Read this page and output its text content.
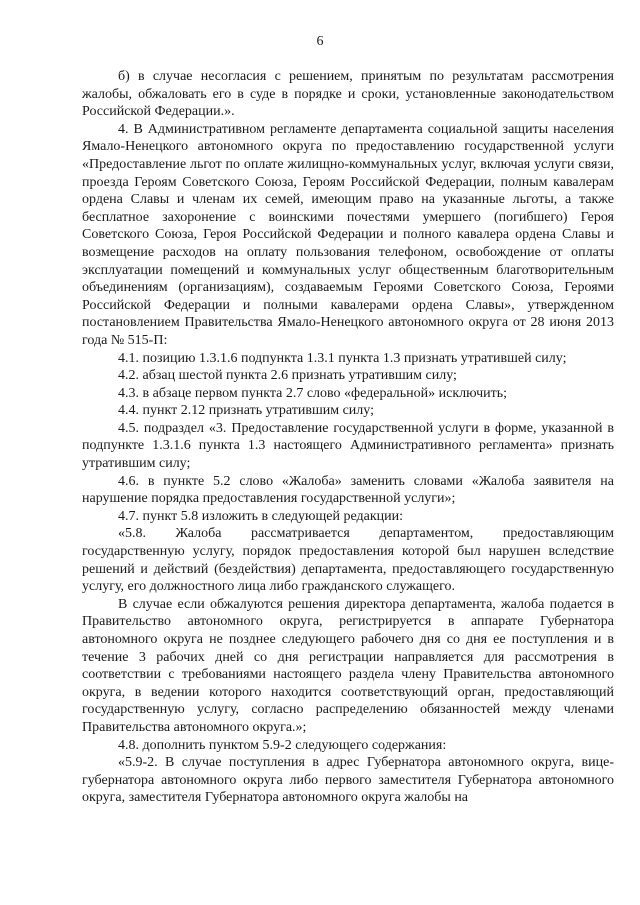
6

б) в случае несогласия с решением, принятым по результатам рассмотрения жалобы, обжаловать его в суде в порядке и сроки, установленные законодательством Российской Федерации.».

4. В Административном регламенте департамента социальной защиты населения Ямало-Ненецкого автономного округа по предоставлению государственной услуги «Предоставление льгот по оплате жилищно-коммунальных услуг, включая услуги связи, проезда Героям Советского Союза, Героям Российской Федерации, полным кавалерам ордена Славы и членам их семей, имеющим право на указанные льготы, а также бесплатное захоронение с воинскими почестями умершего (погибшего) Героя Советского Союза, Героя Российской Федерации и полного кавалера ордена Славы и возмещение расходов на оплату пользования телефоном, освобождение от оплаты эксплуатации помещений и коммунальных услуг общественным благотворительным объединениям (организациям), создаваемым Героями Советского Союза, Героями Российской Федерации и полными кавалерами ордена Славы», утвержденном постановлением Правительства Ямало-Ненецкого автономного округа от 28 июня 2013 года № 515-П:

4.1. позицию 1.3.1.6 подпункта 1.3.1 пункта 1.3 признать утратившей силу;

4.2. абзац шестой пункта 2.6 признать утратившим силу;

4.3. в абзаце первом пункта 2.7 слово «федеральной» исключить;

4.4. пункт 2.12 признать утратившим силу;

4.5. подраздел «3. Предоставление государственной услуги в форме, указанной в подпункте 1.3.1.6 пункта 1.3 настоящего Административного регламента» признать утратившим силу;

4.6. в пункте 5.2 слово «Жалоба» заменить словами «Жалоба заявителя на нарушение порядка предоставления государственной услуги»;

4.7. пункт 5.8 изложить в следующей редакции:

«5.8. Жалоба рассматривается департаментом, предоставляющим государственную услугу, порядок предоставления которой был нарушен вследствие решений и действий (бездействия) департамента, предоставляющего государственную услугу, его должностного лица либо гражданского служащего.

В случае если обжалуются решения директора департамента, жалоба подается в Правительство автономного округа, регистрируется в аппарате Губернатора автономного округа не позднее следующего рабочего дня со дня ее поступления и в течение 3 рабочих дней со дня регистрации направляется для рассмотрения в соответствии с требованиями настоящего раздела члену Правительства автономного округа, в ведении которого находится соответствующий орган, предоставляющий государственную услугу, согласно распределению обязанностей между членами Правительства автономного округа.»;

4.8. дополнить пунктом 5.9-2 следующего содержания:

«5.9-2. В случае поступления в адрес Губернатора автономного округа, вице-губернатора автономного округа либо первого заместителя Губернатора автономного округа, заместителя Губернатора автономного округа жалобы на
